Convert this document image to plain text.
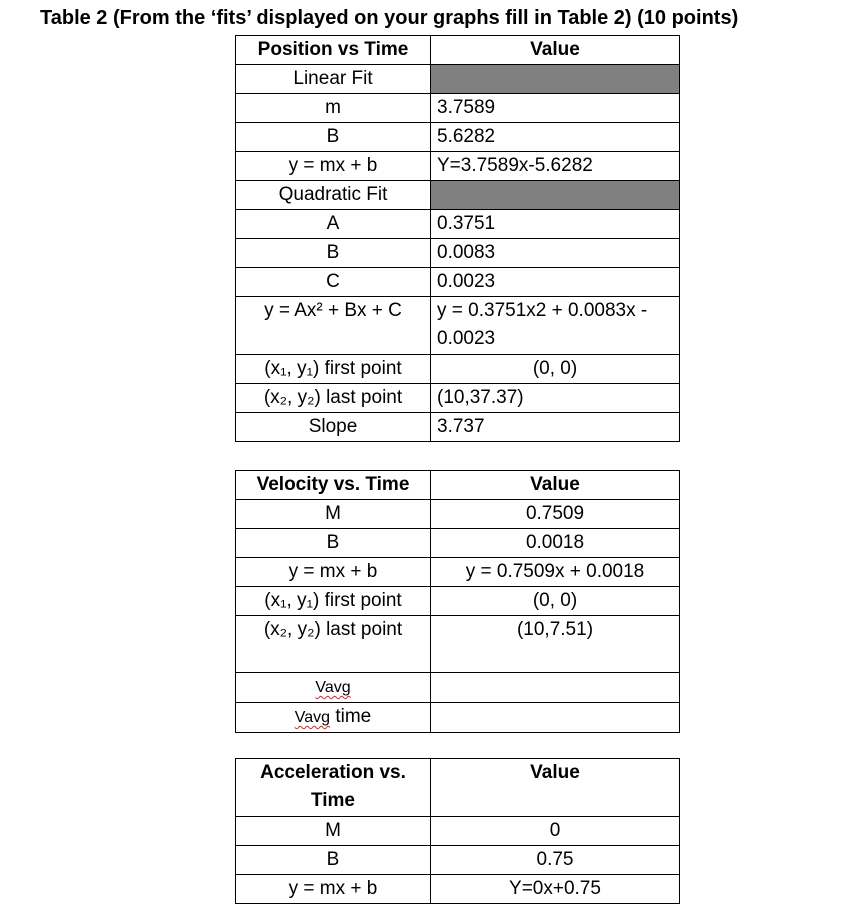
Table 2 (From the ‘fits’ displayed on your graphs fill in Table 2) (10 points)
Position vs Time	Value
Linear Fit	
m	3.7589
B	5.6282
y = mx + b	Y=3.7589x-5.6282
Quadratic Fit	
A	0.3751
B	0.0083
C	0.0023
y = Ax² + Bx + C	y = 0.3751x2 + 0.0083x - 0.0023
(x₁, y₁) first point	(0, 0)
(x₂, y₂) last point	(10,37.37)
Slope	3.737
Velocity vs. Time	Value
M	0.7509
B	0.0018
y = mx + b	y = 0.7509x + 0.0018
(x₁, y₁) first point	(0, 0)
(x₂, y₂) last point	(10,7.51)
Vavg	
Vavg time	
Acceleration vs. Time	Value
M	0
B	0.75
y = mx + b	Y=0x+0.75
